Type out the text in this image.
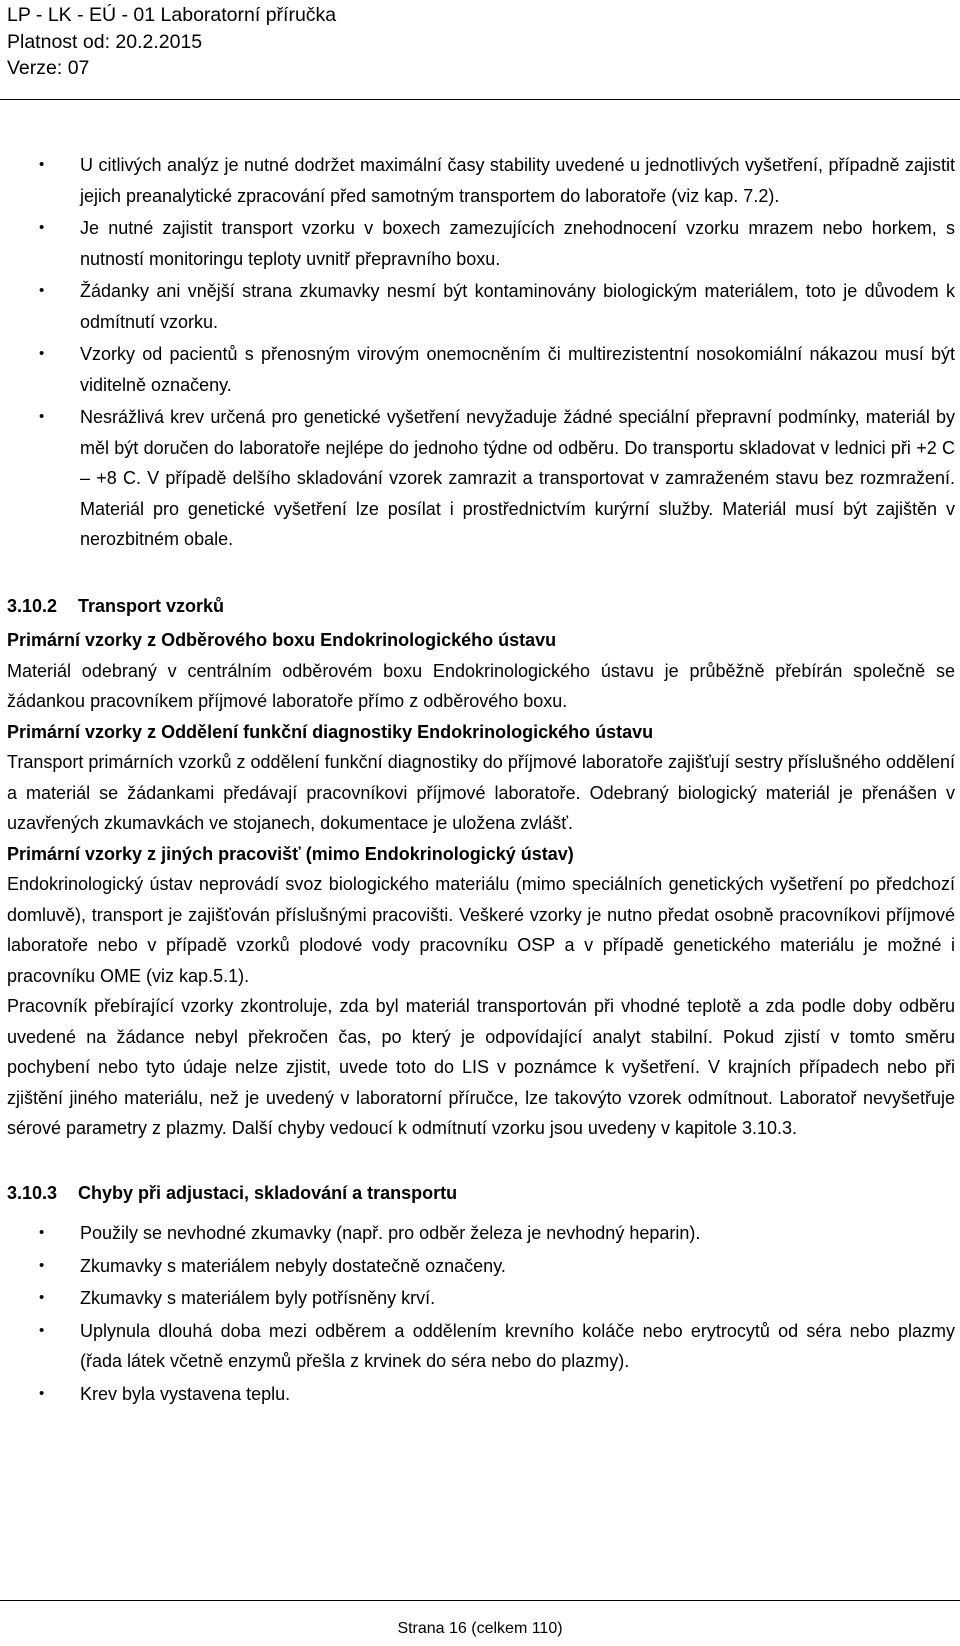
LP - LK - EÚ - 01 Laboratorní příručka
Platnost od: 20.2.2015
Verze: 07
• U citlivých analýz je nutné dodržet maximální časy stability uvedené u jednotlivých vyšetření, případně zajistit jejich preanalytické zpracování před samotným transportem do laboratoře (viz kap. 7.2).
• Je nutné zajistit transport vzorku v boxech zamezujících znehodnocení vzorku mrazem nebo horkem, s nutností monitoringu teploty uvnitř přepravního boxu.
• Žádanky ani vnější strana zkumavky nesmí být kontaminovány biologickým materiálem, toto je důvodem k odmítnutí vzorku.
• Vzorky od pacientů s přenosným virovým onemocněním či multirezistentní nosokomiální nákazou musí být viditelně označeny.
• Nesrážlivá krev určená pro genetické vyšetření nevyžaduje žádné speciální přepravní podmínky, materiál by měl být doručen do laboratoře nejlépe do jednoho týdne od odběru. Do transportu skladovat v lednici při +2 C – +8 C. V případě delšího skladování vzorek zamrazit a transportovat v zamraženém stavu bez rozmražení. Materiál pro genetické vyšetření lze posílat i prostřednictvím kurýrní služby. Materiál musí být zajištěn v nerozbitném obale.
3.10.2	Transport vzorků
Primární vzorky z Odběrového boxu Endokrinologického ústavu

Materiál odebraný v centrálním odběrovém boxu Endokrinologického ústavu je průběžně přebírán společně se žádankou pracovníkem příjmové laboratoře přímo z odběrového boxu.

Primární vzorky z Oddělení funkční diagnostiky Endokrinologického ústavu

Transport primárních vzorků z oddělení funkční diagnostiky do příjmové laboratoře zajišťují sestry příslušného oddělení a materiál se žádankami předávají pracovníkovi příjmové laboratoře. Odebraný biologický materiál je přenášen v uzavřených zkumavkách ve stojanech, dokumentace je uložena zvlášť.

Primární vzorky z jiných pracovišť (mimo Endokrinologický ústav)

Endokrinologický ústav neprovádí svoz biologického materiálu (mimo speciálních genetických vyšetření po předchozí domluvě), transport je zajišťován příslušnými pracovišti. Veškeré vzorky je nutno předat osobně pracovníkovi příjmové laboratoře nebo v případě vzorků plodové vody pracovníku OSP a v případě genetického materiálu je možné i pracovníku OME (viz kap.5.1).

Pracovník přebírající vzorky zkontroluje, zda byl materiál transportován při vhodné teplotě a zda podle doby odběru uvedené na žádance nebyl překročen čas, po který je odpovídající analyt stabilní. Pokud zjistí v tomto směru pochybení nebo tyto údaje nelze zjistit, uvede toto do LIS v poznámce k vyšetření. V krajních případech nebo při zjištění jiného materiálu, než je uvedený v laboratorní příručce, lze takovýto vzorek odmítnout. Laboratoř nevyšetřuje sérové parametry z plazmy. Další chyby vedoucí k odmítnutí vzorku jsou uvedeny v kapitole 3.10.3.

3.10.3	Chyby při adjustaci, skladování a transportu
• Použily se nevhodné zkumavky (např. pro odběr železa je nevhodný heparin).
• Zkumavky s materiálem nebyly dostatečně označeny.
• Zkumavky s materiálem byly potřísněny krví.
• Uplynula dlouhá doba mezi odběrem a oddělením krevního koláče nebo erytrocytů od séra nebo plazmy (řada látek včetně enzymů přešla z krvinek do séra nebo do plazmy).
• Krev byla vystavena teplu.
Strana 16 (celkem 110)
